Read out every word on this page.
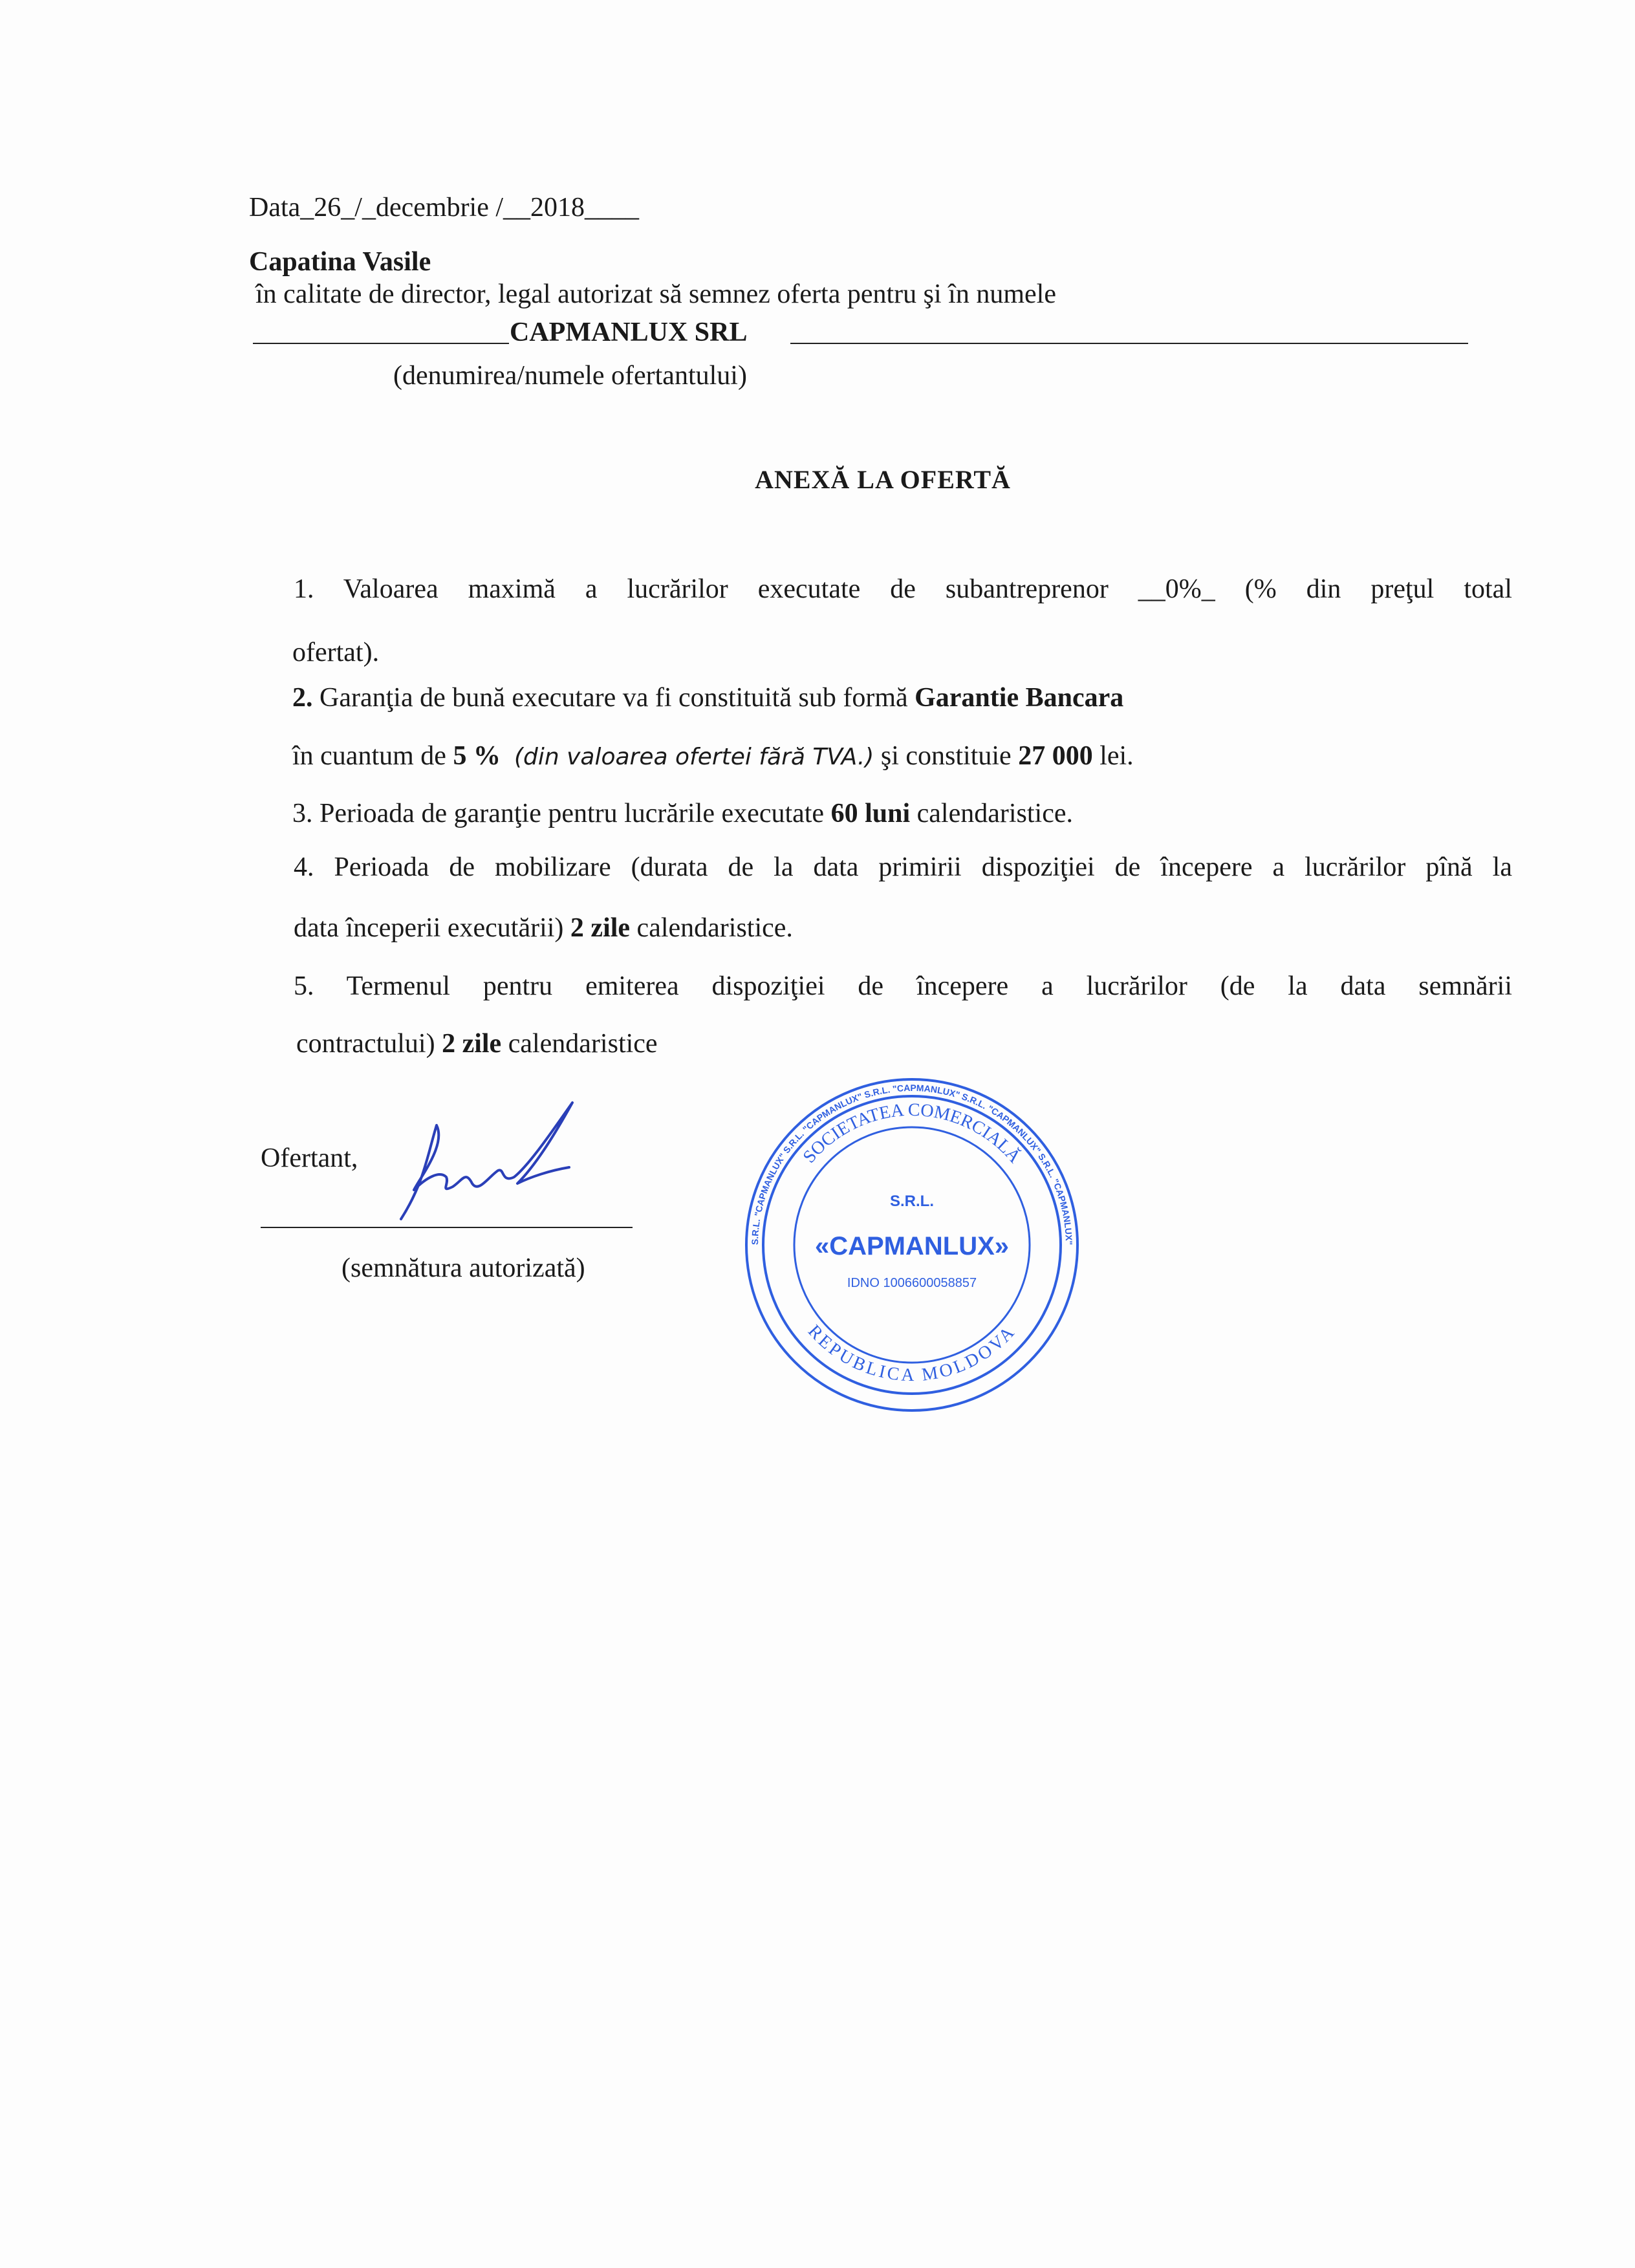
Data_26_/_decembrie /__2018____
Capatina Vasile
în calitate de director, legal autorizat să semnez oferta pentru şi în numele
CAPMANLUX SRL
(denumirea/numele ofertantului)
ANEXĂ LA OFERTĂ
1. Valoarea maximă a lucrărilor executate de subantreprenor __0%_ (% din preţul total
ofertat).
2. Garanţia de bună executare va fi constituită sub formă Garantie Bancara
în cuantum de 5 % (din valoarea ofertei fără TVA.) şi constituie 27 000 lei.
3. Perioada de garanţie pentru lucrările executate 60 luni calendaristice.
4. Perioada de mobilizare (durata de la data primirii dispoziţiei de începere a lucrărilor pînă la
data începerii executării) 2 zile calendaristice.
5. Termenul pentru emiterea dispoziţiei de începere a lucrărilor (de la data semnării
contractului) 2 zile calendaristice
Ofertant,
(semnătura autorizată)
S.R.L. "CAPMANLUX" S.R.L. "CAPMANLUX" S.R.L. "CAPMANLUX" S.R.L. "CAPMANLUX" S.R.L. "CAPMANLUX"
SOCIETATEA COMERCIALĂ
REPUBLICA MOLDOVA
S.R.L.
«CAPMANLUX»
IDNO 1006600058857
